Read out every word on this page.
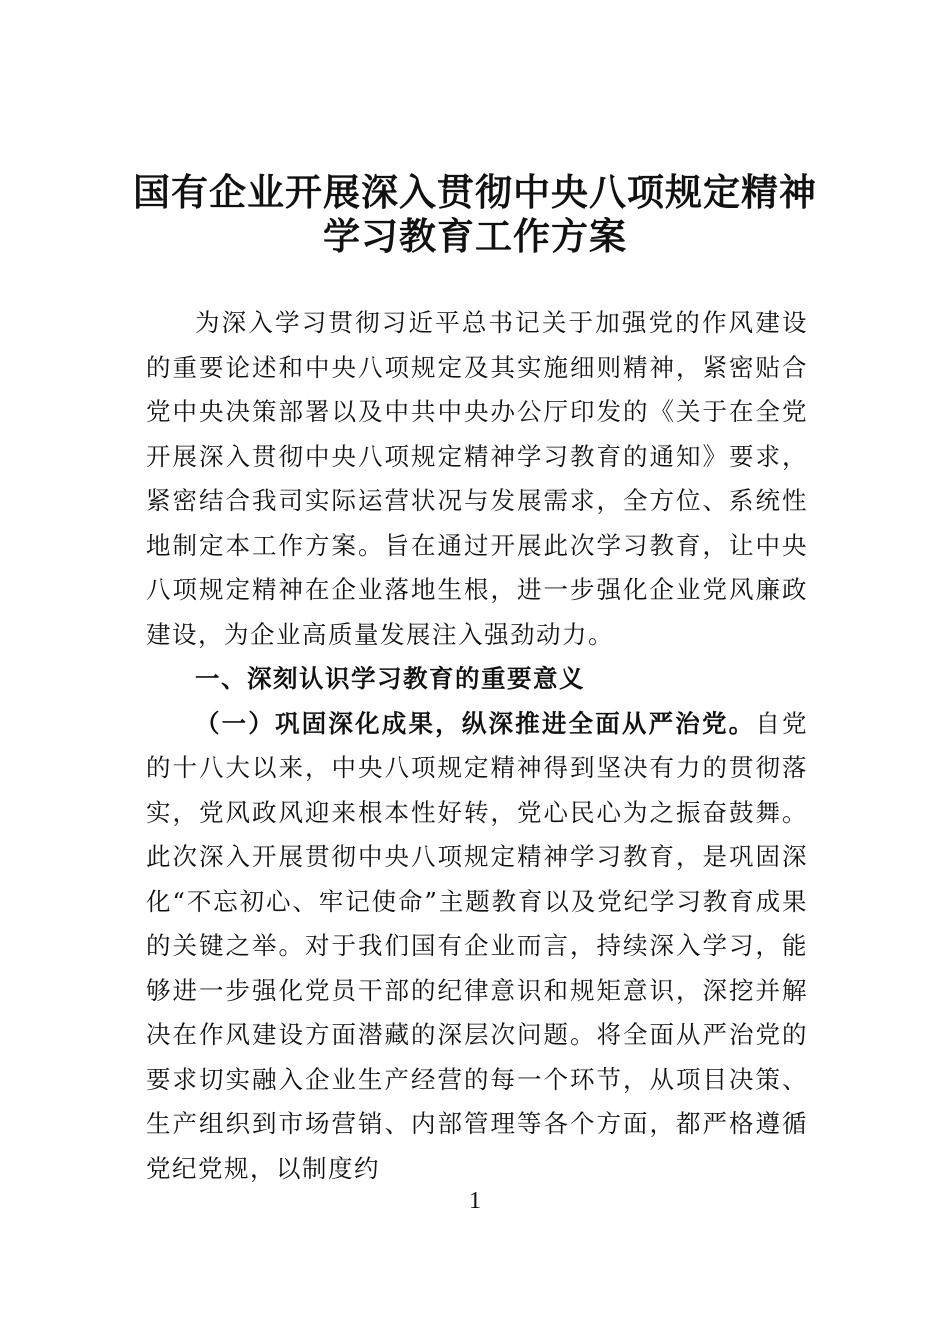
国有企业开展深入贯彻中央八项规定精神
学习教育工作方案

为深入学习贯彻习近平总书记关于加强党的作风建设的重要论述和中央八项规定及其实施细则精神，紧密贴合党中央决策部署以及中共中央办公厅印发的《关于在全党开展深入贯彻中央八项规定精神学习教育的通知》要求，紧密结合我司实际运营状况与发展需求，全方位、系统性地制定本工作方案。旨在通过开展此次学习教育，让中央八项规定精神在企业落地生根，进一步强化企业党风廉政建设，为企业高质量发展注入强劲动力。

一、深刻认识学习教育的重要意义

（一）巩固深化成果，纵深推进全面从严治党。自党的十八大以来，中央八项规定精神得到坚决有力的贯彻落实，党风政风迎来根本性好转，党心民心为之振奋鼓舞。此次深入开展贯彻中央八项规定精神学习教育，是巩固深化“不忘初心、牢记使命”主题教育以及党纪学习教育成果的关键之举。对于我们国有企业而言，持续深入学习，能够进一步强化党员干部的纪律意识和规矩意识，深挖并解决在作风建设方面潜藏的深层次问题。将全面从严治党的要求切实融入企业生产经营的每一个环节，从项目决策、生产组织到市场营销、内部管理等各个方面，都严格遵循党纪党规，以制度约

1
